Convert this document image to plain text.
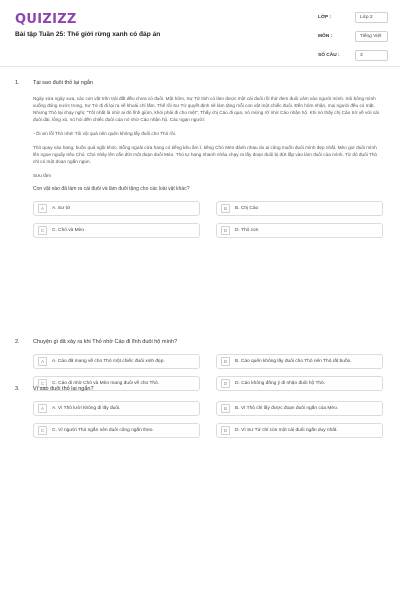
QUIZIZZ
Bài tập Tuần 25: Thế giới rừng xanh có đáp án
LỚP :	Lớp 2
MÔN :	Tiếng Việt
SỐ CÂU :	3
1. Tại sao đuôi thỏ lại ngắn

Ngày xửa ngày xưa, các con vật trên trái đất đều chưa có đuôi. Một hôm, Sư Tử tỉnh có làm được một cái đuôi rồi thử đem đuôi cảm vào người mình. Sói bông mình xuống đóng nước trong, Sư Tử đi đi lại ra về khoái chí lắm. Thế rồi Sư Tử quyết định sẽ làm tặng mỗi con vật một chiếc đuôi. Đến hôm nhận, mọi người đều có mặt. Nhưng Thỏ lại chạy nghị: "Tốt nhất là nhờ ai đó lĩnh giùm, khỏi phải đi cho mệt". Thấy chị Cáo đi qua, nó mừng rỡ nhờ Cáo nhận hộ. Khi nó thấy chị Cáo trở về với cái đuôi dài, lông xù, nó hỏi đến chiếc đuôi của nó nhờ Cáo nhận hộ. Các ngạn người:

- Ôi xin lỗi Thỏ nhé! Tôi vội quá nên quên không lấy đuôi cho Thỏ rồi.

Thỏ quay vào hang, buồn quá ngồi khóc. Bỗng ngoài cửa hang có tiếng kêu ầm ĩ, tiếng Chó Mèo đánh nhau do ai cũng muốn đuôi mình đẹp nhất. Mèo giơ đuôi mình lên ngoe nguẩy trêu Chó. Chó nhảy lên cắn đứt một đoạn đuôi Mèo. Thỏ tự hang nhanh nhảu chạy ra lấy đoạn đuôi bị đứt lắp vào làm đuôi của mình. Từ đó đuôi Thỏ chỉ có một đoạn ngắn ngủn.

Sưu tầm

Con vật nào đã làm ra cái đuôi và làm đuôi tặng cho các loài vật khác?

A	A. Sư tử	B	B. Chị Cáo
C	C. Chó và Mèo	D	D. Thỏ con
2. Chuyện gì đã xảy ra khi Thỏ nhờ Cáo đi lĩnh đuôi hộ mình?
A	A. Cáo đã mang về cho Thỏ một chiếc đuôi xinh đẹp.	B	B. Cáo quên không lấy đuôi cho Thỏ nên Thỏ rất buồn.
C	C. Cáo đi nhờ Chó và Mèo mang đuôi về cho Thỏ.	D	D. Cáo không đồng ý đi nhận đuôi hộ Thỏ.
3. Vì sao đuôi thỏ lại ngắn?
A	A. Vì Thỏ lười không đi lấy đuôi.	B	B. Vì Thỏ chỉ lấy được đoạn đuôi ngắn của Mèo.
C	C. Vì người Thỏ ngắn nên đuôi cũng ngắn theo.	D	D. Vì Sư Tử chỉ còn một cái đuôi ngắn duy nhất.
